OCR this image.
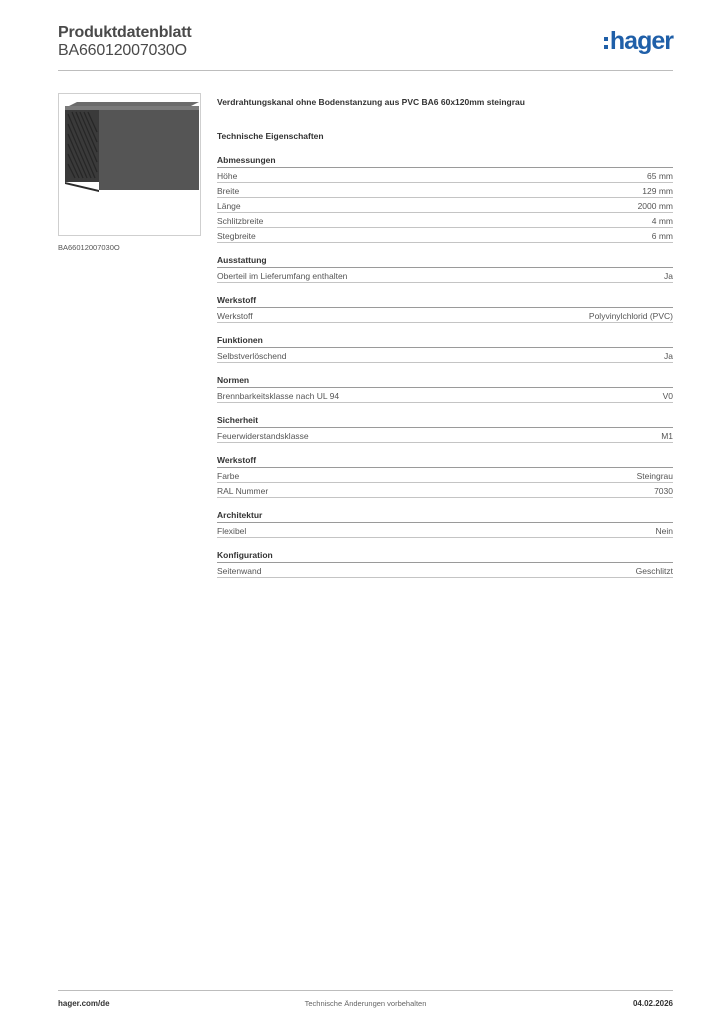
Produktdatenblatt
BA66012007030O	hager
BA66012007030O
Verdrahtungskanal ohne Bodenstanzung aus PVC BA6 60x120mm steingrau
Technische Eigenschaften
Abmessungen
Höhe	65 mm
Breite	129 mm
Länge	2000 mm
Schlitzbreite	4 mm
Stegbreite	6 mm
Ausstattung
Oberteil im Lieferumfang enthalten	Ja
Werkstoff
Werkstoff	Polyvinylchlorid (PVC)
Funktionen
Selbstverlöschend	Ja
Normen
Brennbarkeitsklasse nach UL 94	V0
Sicherheit
Feuerwiderstandsklasse	M1
Werkstoff
Farbe	Steingrau
RAL Nummer	7030
Architektur
Flexibel	Nein
Konfiguration
Seitenwand	Geschlitzt
hager.com/de	Technische Änderungen vorbehalten	04.02.2026
